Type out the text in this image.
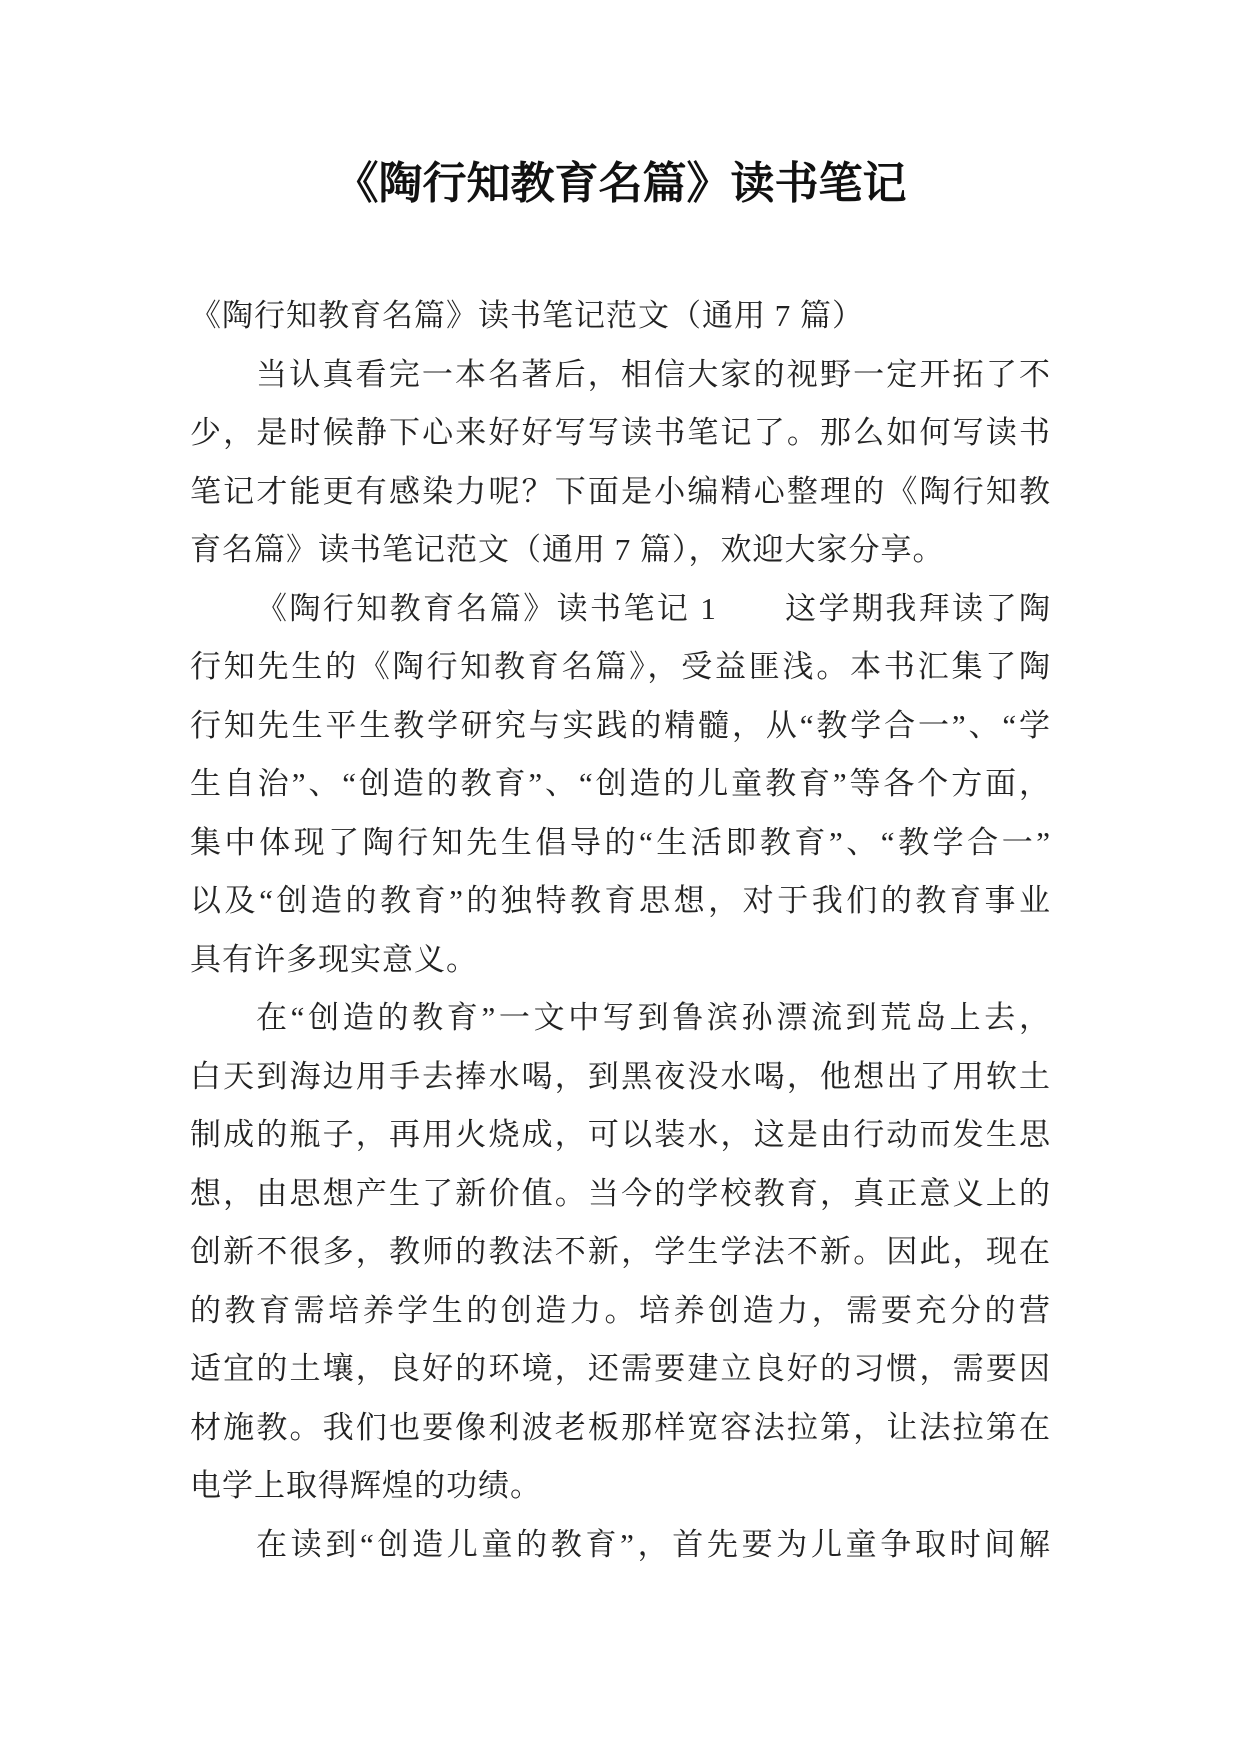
《陶行知教育名篇》读书笔记
《陶行知教育名篇》读书笔记范文（通用 7 篇）
当认真看完一本名著后，相信大家的视野一定开拓了不
少，是时候静下心来好好写写读书笔记了。那么如何写读书
笔记才能更有感染力呢？下面是小编精心整理的《陶行知教
育名篇》读书笔记范文（通用 7 篇），欢迎大家分享。
《陶行知教育名篇》读书笔记 1　　这学期我拜读了陶
行知先生的《陶行知教育名篇》，受益匪浅。本书汇集了陶
行知先生平生教学研究与实践的精髓，从“教学合一”、“学
生自治”、“创造的教育”、“创造的儿童教育”等各个方面，
集中体现了陶行知先生倡导的“生活即教育”、“教学合一”
以及“创造的教育”的独特教育思想，对于我们的教育事业
具有许多现实意义。
在“创造的教育”一文中写到鲁滨孙漂流到荒岛上去，
白天到海边用手去捧水喝，到黑夜没水喝，他想出了用软土
制成的瓶子，再用火烧成，可以装水，这是由行动而发生思
想，由思想产生了新价值。当今的学校教育，真正意义上的
创新不很多，教师的教法不新，学生学法不新。因此，现在
的教育需培养学生的创造力。培养创造力，需要充分的营
适宜的土壤，良好的环境，还需要建立良好的习惯，需要因
材施教。我们也要像利波老板那样宽容法拉第，让法拉第在
电学上取得辉煌的功绩。
在读到“创造儿童的教育”，首先要为儿童争取时间解
